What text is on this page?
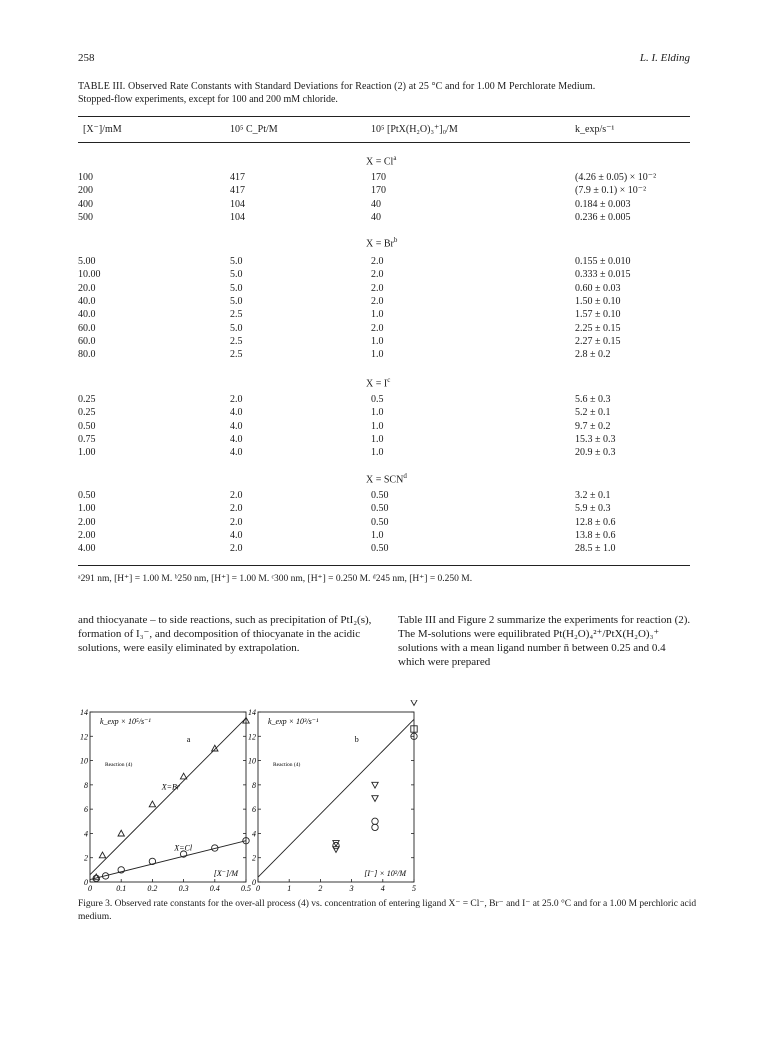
258	L. I. Elding
TABLE III. Observed Rate Constants with Standard Deviations for Reaction (2) at 25 °C and for 1.00 M Perchlorate Medium.
Stopped-flow experiments, except for 100 and 200 mM chloride.
[X⁻]/mM	10⁵ C_Pt/M	10⁵ [PtX(H₂O)₃⁺]₀/M	k_exp/s⁻¹
$X = Cl^a$
100	417	170	(4.26 ± 0.05) × 10⁻²
200	417	170	(7.9 ± 0.1) × 10⁻²
400	104	40	0.184 ± 0.003
500	104	40	0.236 ± 0.005
$X = Br^b$
5.00	5.0	2.0	0.155 ± 0.010
10.00	5.0	2.0	0.333 ± 0.015
20.0	5.0	2.0	0.60 ± 0.03
40.0	5.0	2.0	1.50 ± 0.10
40.0	2.5	1.0	1.57 ± 0.10
60.0	5.0	2.0	2.25 ± 0.15
60.0	2.5	1.0	2.27 ± 0.15
80.0	2.5	1.0	2.8 ± 0.2
$X = I^c$
0.25	2.0	0.5	5.6 ± 0.3
0.25	4.0	1.0	5.2 ± 0.1
0.50	4.0	1.0	9.7 ± 0.2
0.75	4.0	1.0	15.3 ± 0.3
1.00	4.0	1.0	20.9 ± 0.3
$X = SCN^d$
0.50	2.0	0.50	3.2 ± 0.1
1.00	2.0	0.50	5.9 ± 0.3
2.00	2.0	0.50	12.8 ± 0.6
2.00	4.0	1.0	13.8 ± 0.6
4.00	2.0	0.50	28.5 ± 1.0
ᵃ291 nm, [H⁺] = 1.00 M. ᵇ250 nm, [H⁺] = 1.00 M. ᶜ300 nm, [H⁺] = 0.250 M. ᵈ245 nm, [H⁺] = 0.250 M.
and thiocyanate – to side reactions, such as precipitation of PtI₂(s), formation of I₃⁻, and decomposition of thiocyanate in the acidic solutions, were easily eliminated by extrapolation.
Table III and Figure 2 summarize the experiments for reaction (2). The M-solutions were equilibrated Pt(H₂O)₄²⁺/PtX(H₂O)₃⁺ solutions with a mean ligand number n̄ between 0.25 and 0.4 which were prepared
0
2
4
6
8
10
12
14
0	0.1	0.2	0.3	0.4	0.5
k_exp × 10⁵/s⁻¹
a
Reaction (4)
[X⁻]/M
X=Br
X=Cl
0
2
4
6
8
10
12
14
0	1	2	3	4	5
k_exp × 10³/s⁻¹
b
Reaction (4)
[I⁻] × 10²/M
Figure 3. Observed rate constants for the over-all process (4) vs. concentration of entering ligand X⁻ = Cl⁻, Br⁻ and I⁻ at 25.0 °C and for a 1.00 M perchloric acid medium.
